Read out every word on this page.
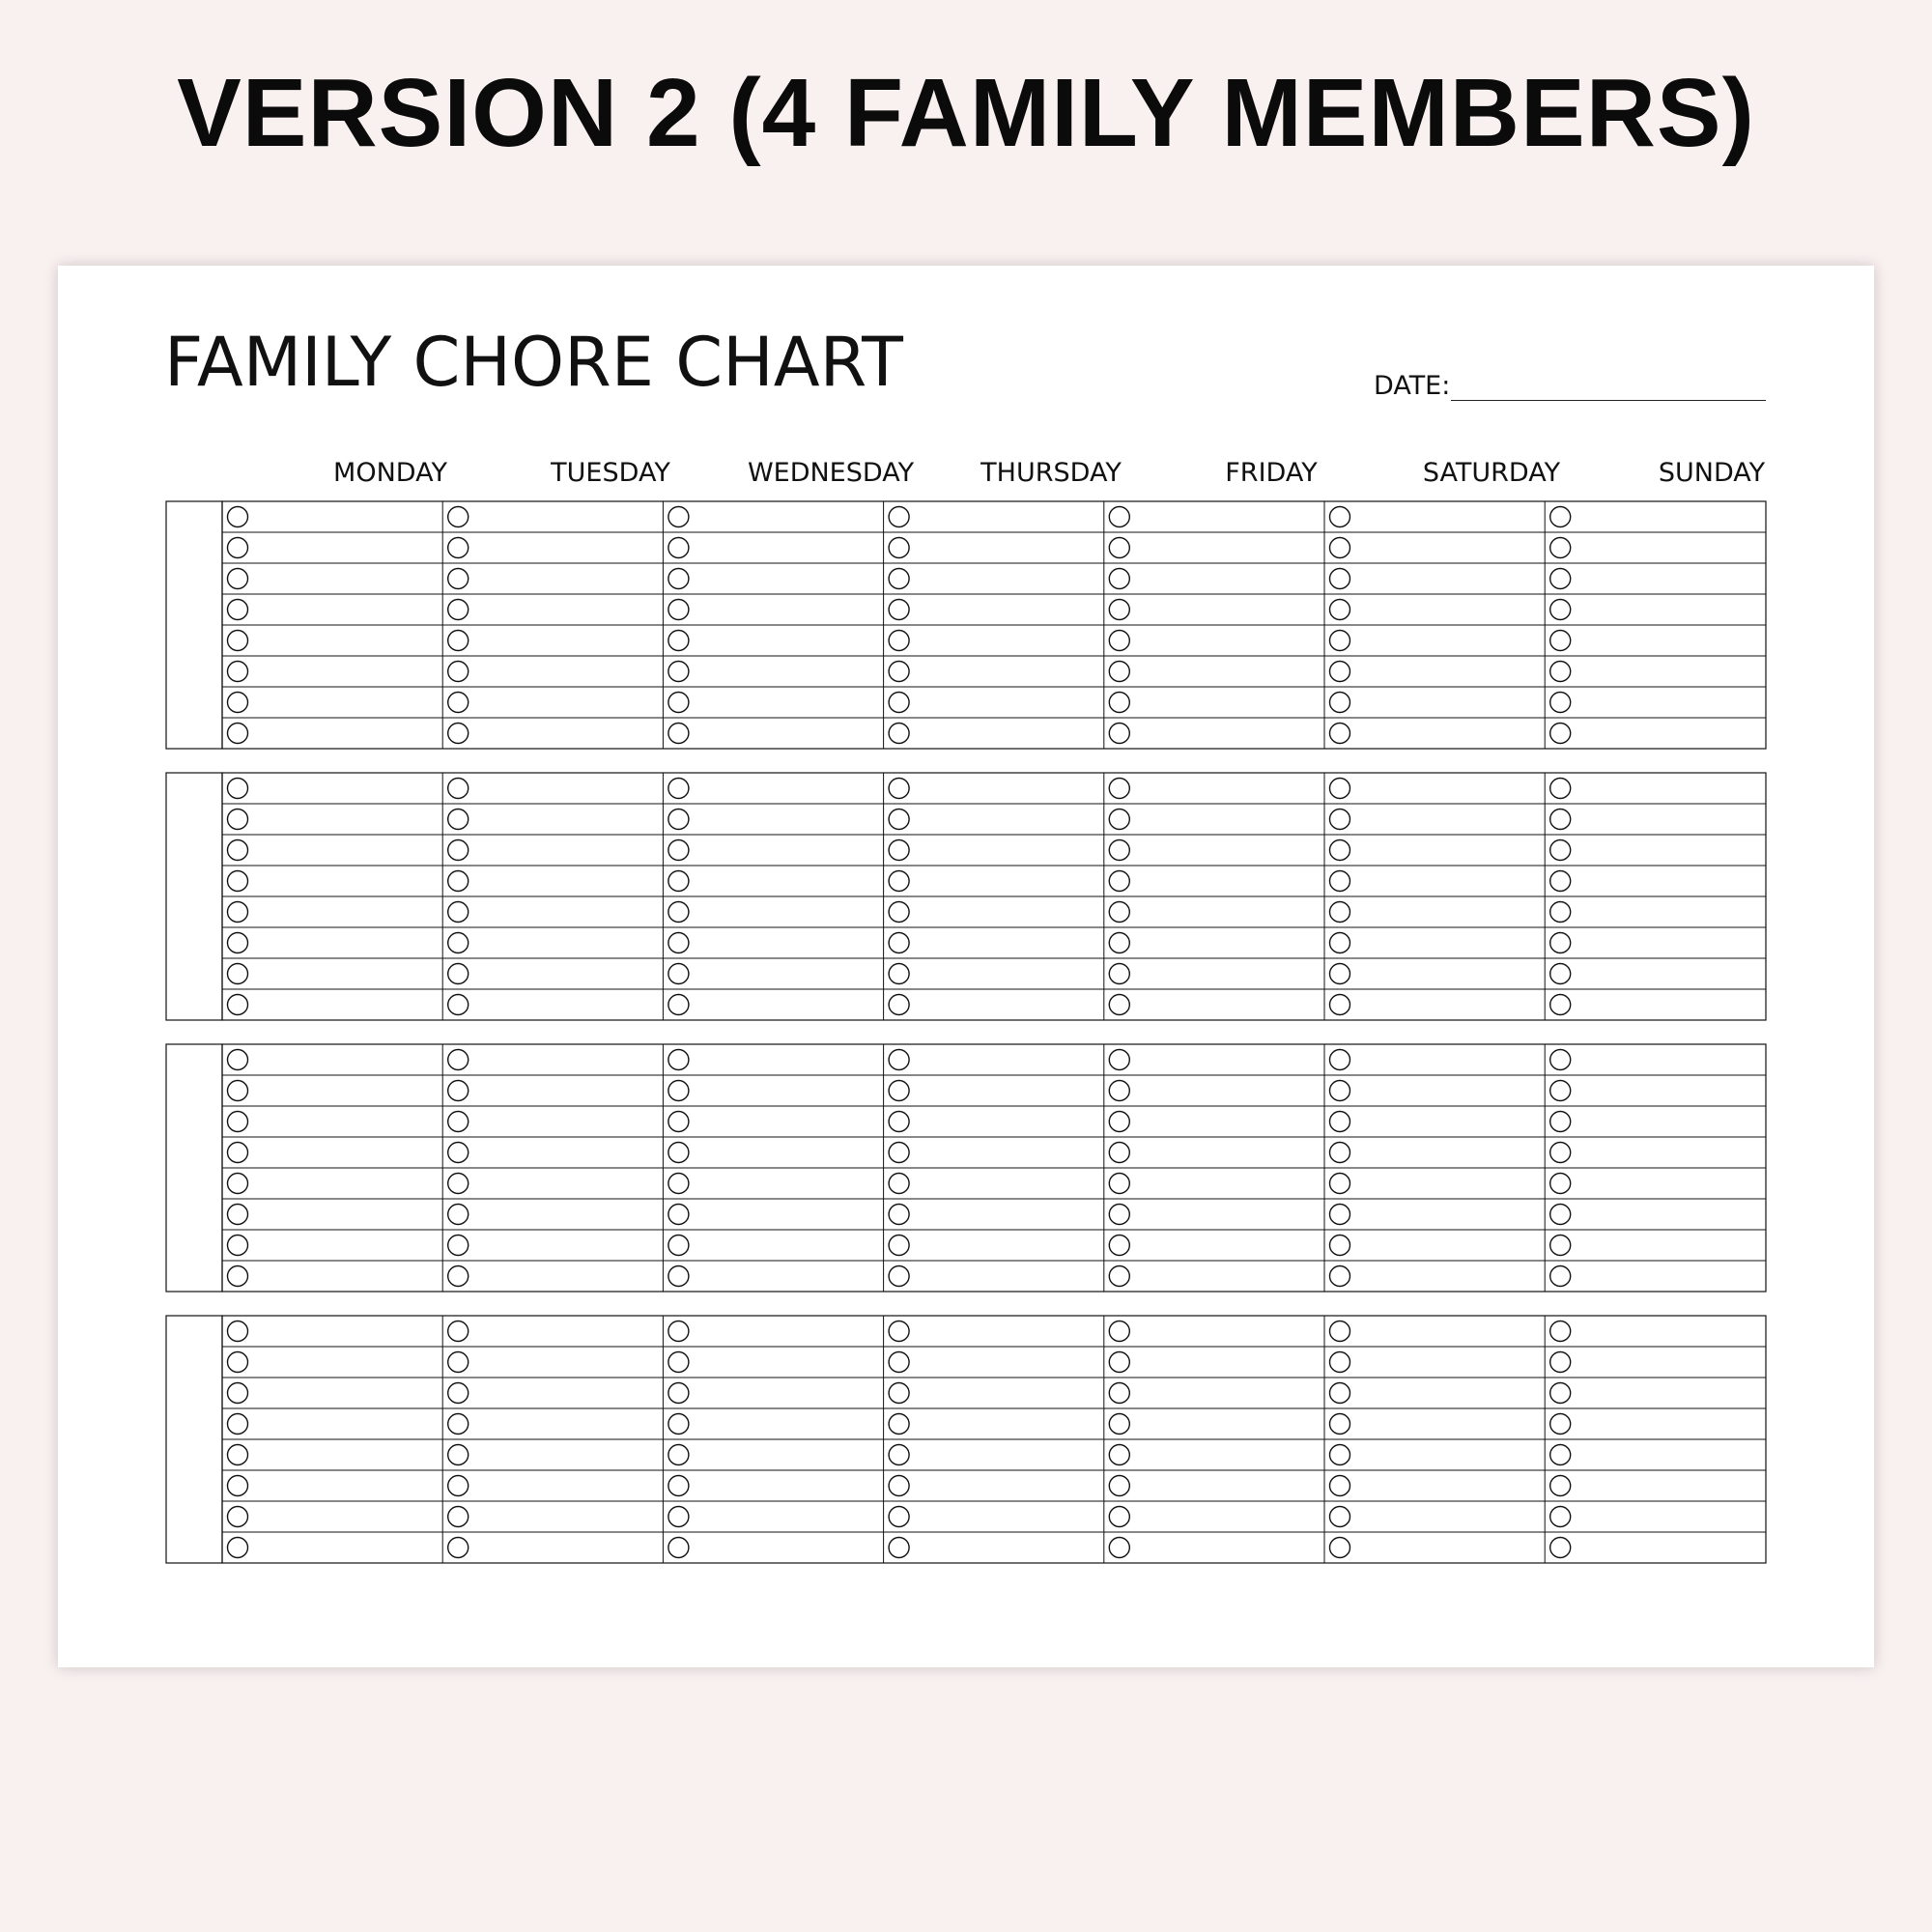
VERSION 2 (4 FAMILY MEMBERS)
FAMILY CHORE CHART	DATE:
MONDAY	TUESDAY	WEDNESDAY	THURSDAY	FRIDAY	SATURDAY	SUNDAY
